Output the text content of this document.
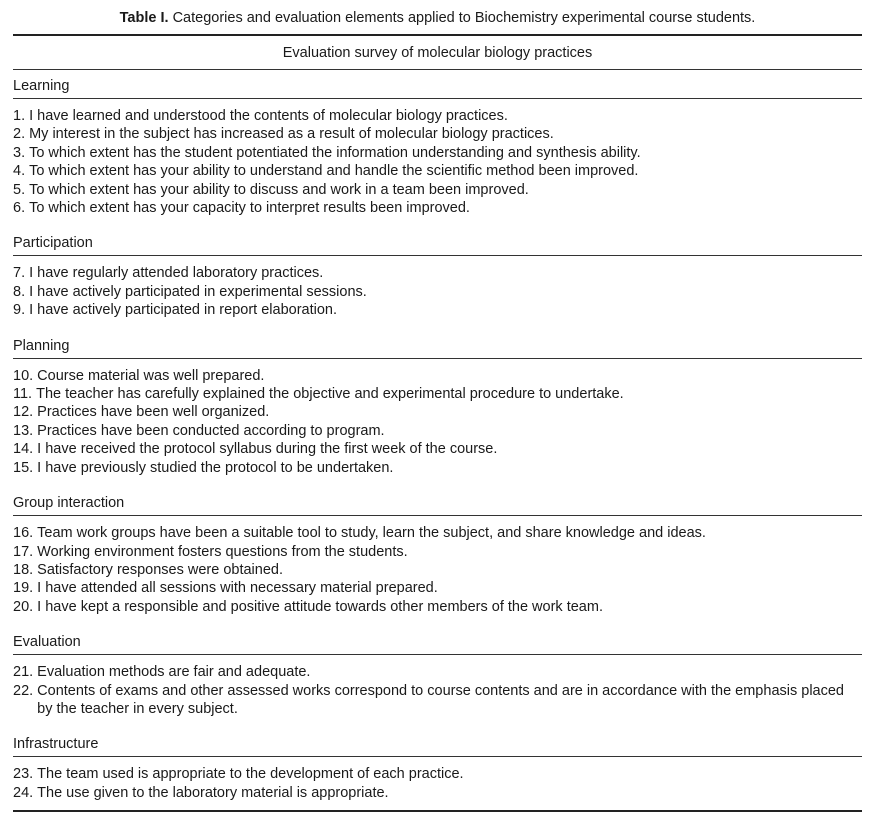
Table I. Categories and evaluation elements applied to Biochemistry experimental course students.
Evaluation survey of molecular biology practices
Learning
1. I have learned and understood the contents of molecular biology practices.
2. My interest in the subject has increased as a result of molecular biology practices.
3. To which extent has the student potentiated the information understanding and synthesis ability.
4. To which extent has your ability to understand and handle the scientific method been improved.
5. To which extent has your ability to discuss and work in a team been improved.
6. To which extent has your capacity to interpret results been improved.
Participation
7. I have regularly attended laboratory practices.
8. I have actively participated in experimental sessions.
9. I have actively participated in report elaboration.
Planning
10. Course material was well prepared.
11. The teacher has carefully explained the objective and experimental procedure to undertake.
12. Practices have been well organized.
13. Practices have been conducted according to program.
14. I have received the protocol syllabus during the first week of the course.
15. I have previously studied the protocol to be undertaken.
Group interaction
16. Team work groups have been a suitable tool to study, learn the subject, and share knowledge and ideas.
17. Working environment fosters questions from the students.
18. Satisfactory responses were obtained.
19. I have attended all sessions with necessary material prepared.
20. I have kept a responsible and positive attitude towards other members of the work team.
Evaluation
21. Evaluation methods are fair and adequate.
22. Contents of exams and other assessed works correspond to course contents and are in accordance with the emphasis placed by the teacher in every subject.
Infrastructure
23. The team used is appropriate to the development of each practice.
24. The use given to the laboratory material is appropriate.
